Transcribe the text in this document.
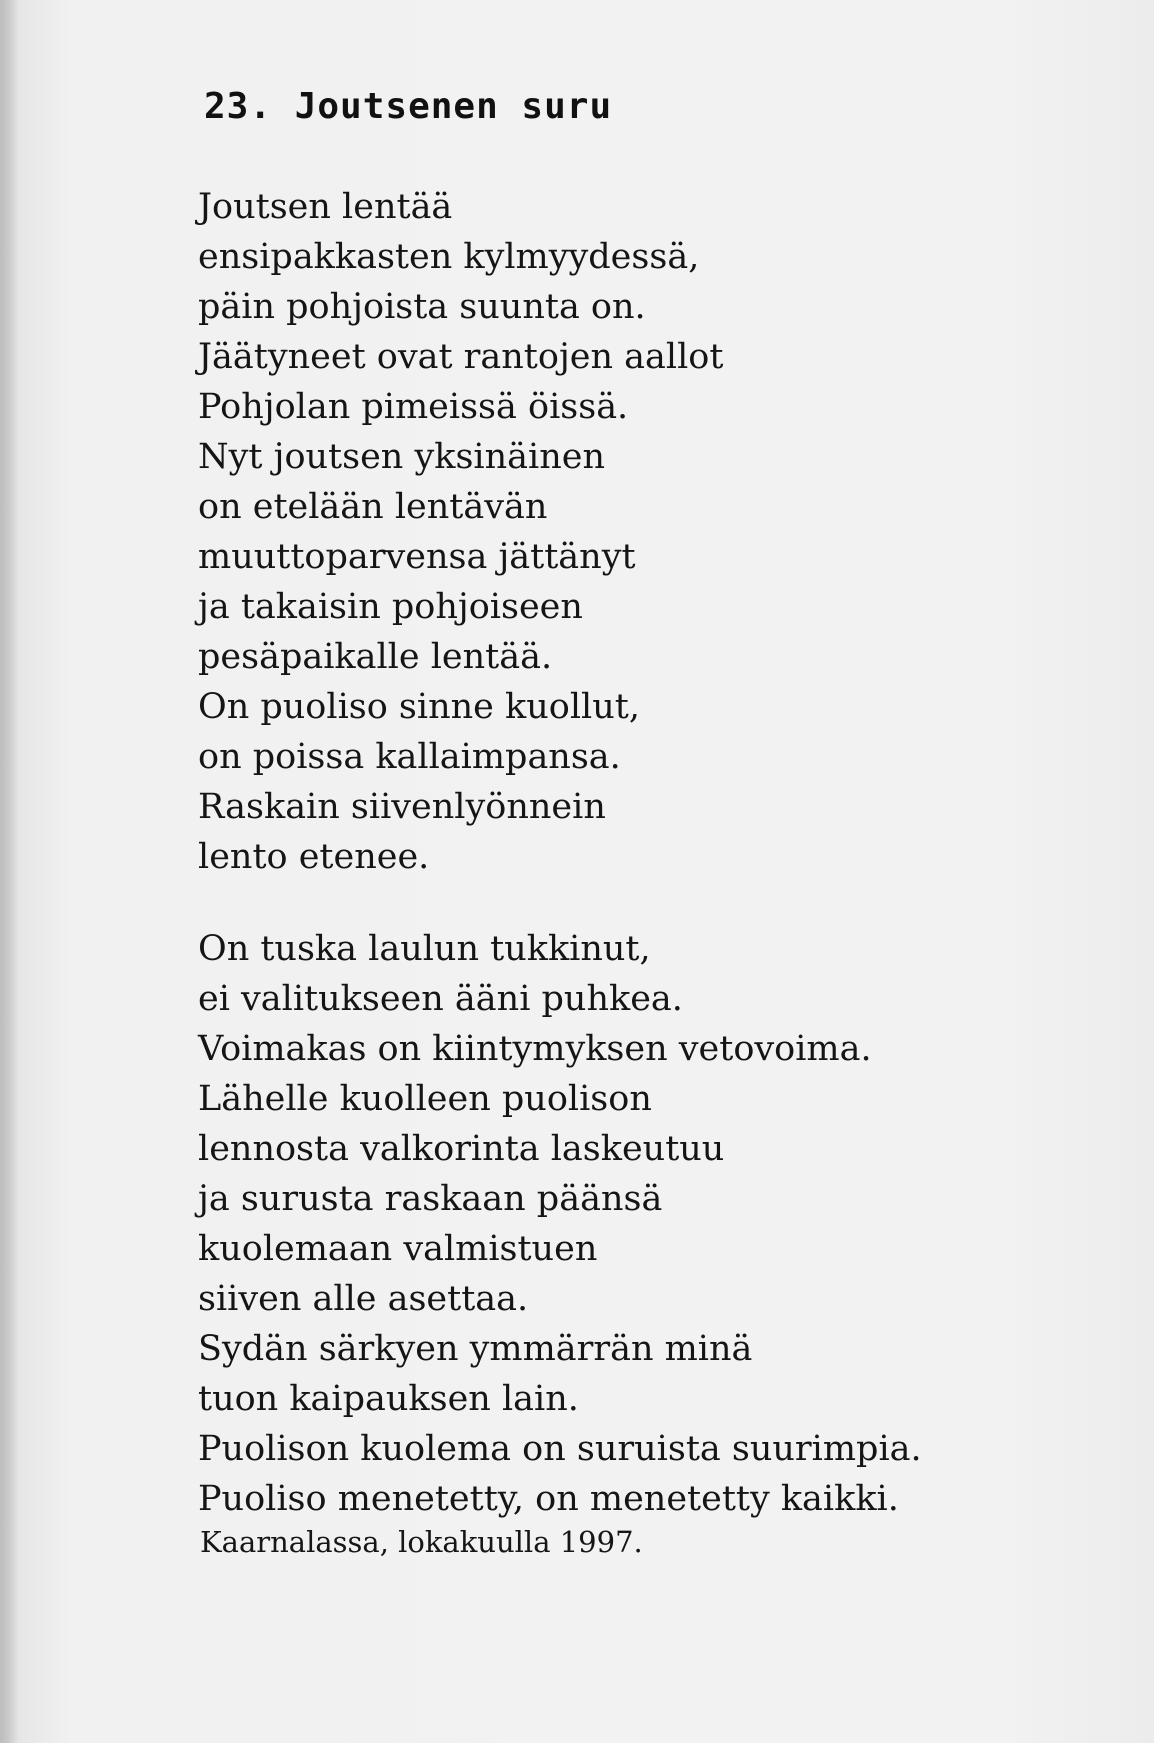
23. Joutsenen suru
Joutsen lentää
ensipakkasten kylmyydessä,
päin pohjoista suunta on.
Jäätyneet ovat rantojen aallot
Pohjolan pimeissä öissä.
Nyt joutsen yksinäinen
on etelään lentävän
muuttoparvensa jättänyt
ja takaisin pohjoiseen
pesäpaikalle lentää.
On puoliso sinne kuollut,
on poissa kallaimpansa.
Raskain siivenlyönnein
lento etenee.
On tuska laulun tukkinut,
ei valitukseen ääni puhkea.
Voimakas on kiintymyksen vetovoima.
Lähelle kuolleen puolison
lennosta valkorinta laskeutuu
ja surusta raskaan päänsä
kuolemaan valmistuen
siiven alle asettaa.
Sydän särkyen ymmärrän minä
tuon kaipauksen lain.
Puolison kuolema on suruista suurimpia.
Puoliso menetetty, on menetetty kaikki.

Kaarnalassa, lokakuulla 1997.
